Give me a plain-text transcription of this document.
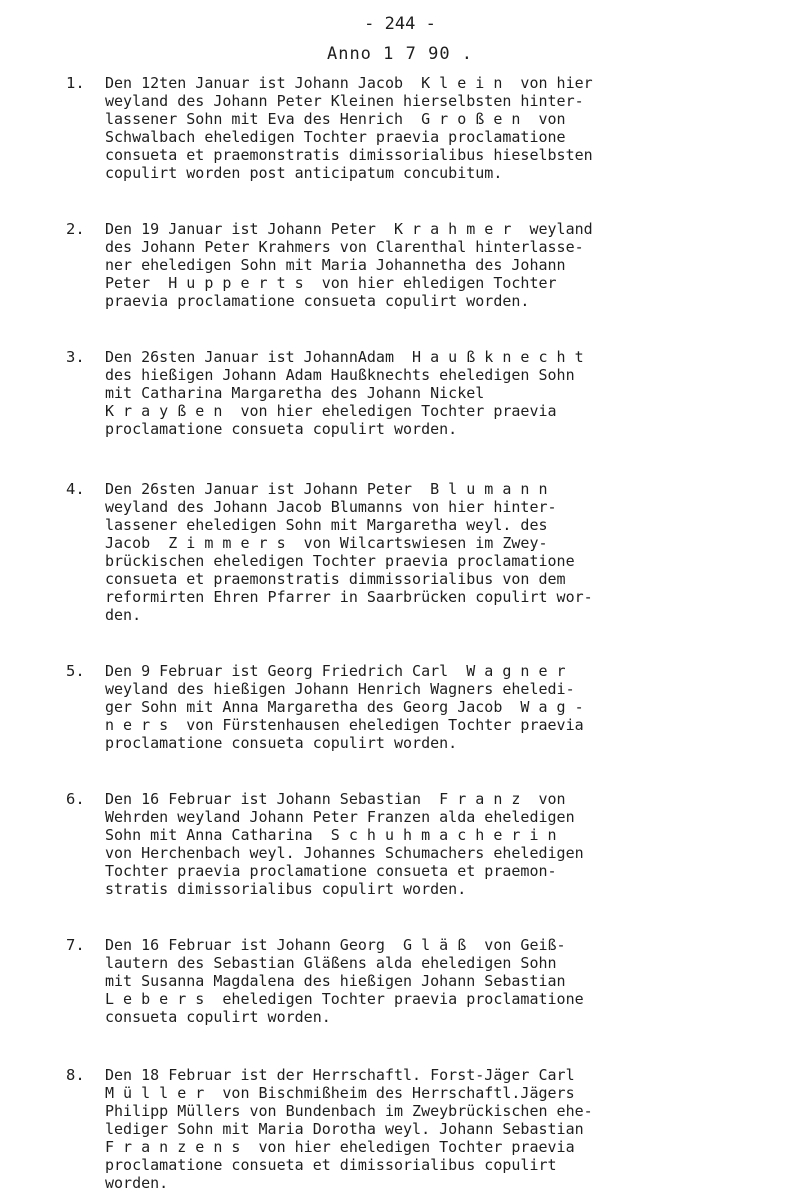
- 244 -
Anno 1 7 90 .
1.	Den 12ten Januar ist Johann Jacob  K l e i n  von hier
weyland des Johann Peter Kleinen hierselbsten hinter-
lassener Sohn mit Eva des Henrich  G r o ß e n  von
Schwalbach eheledigen Tochter praevia proclamatione
consueta et praemonstratis dimissorialibus hieselbsten
copulirt worden post anticipatum concubitum.
2.	Den 19 Januar ist Johann Peter  K r a h m e r  weyland
des Johann Peter Krahmers von Clarenthal hinterlasse-
ner eheledigen Sohn mit Maria Johannetha des Johann
Peter  H u p p e r t s  von hier ehledigen Tochter
praevia proclamatione consueta copulirt worden.
3.	Den 26sten Januar ist JohannAdam  H a u ß k n e c h t
des hießigen Johann Adam Haußknechts eheledigen Sohn
mit Catharina Margaretha des Johann Nickel
K r a y ß e n  von hier eheledigen Tochter praevia
proclamatione consueta copulirt worden.
4.	Den 26sten Januar ist Johann Peter  B l u m a n n
weyland des Johann Jacob Blumanns von hier hinter-
lassener eheledigen Sohn mit Margaretha weyl. des
Jacob  Z i m m e r s  von Wilcartswiesen im Zwey-
brückischen eheledigen Tochter praevia proclamatione
consueta et praemonstratis dimmissorialibus von dem
reformirten Ehren Pfarrer in Saarbrücken copulirt wor-
den.
5.	Den 9 Februar ist Georg Friedrich Carl  W a g n e r
weyland des hießigen Johann Henrich Wagners eheledi-
ger Sohn mit Anna Margaretha des Georg Jacob  W a g -
n e r s  von Fürstenhausen eheledigen Tochter praevia
proclamatione consueta copulirt worden.
6.	Den 16 Februar ist Johann Sebastian  F r a n z  von
Wehrden weyland Johann Peter Franzen alda eheledigen
Sohn mit Anna Catharina  S c h u h m a c h e r i n
von Herchenbach weyl. Johannes Schumachers eheledigen
Tochter praevia proclamatione consueta et praemon-
stratis dimissorialibus copulirt worden.
7.	Den 16 Februar ist Johann Georg  G l ä ß  von Geiß-
lautern des Sebastian Gläßens alda eheledigen Sohn
mit Susanna Magdalena des hießigen Johann Sebastian
L e b e r s  eheledigen Tochter praevia proclamatione
consueta copulirt worden.
8.	Den 18 Februar ist der Herrschaftl. Forst-Jäger Carl
M ü l l e r  von Bischmißheim des Herrschaftl.Jägers
Philipp Müllers von Bundenbach im Zweybrückischen ehe-
lediger Sohn mit Maria Dorotha weyl. Johann Sebastian
F r a n z e n s  von hier eheledigen Tochter praevia
proclamatione consueta et dimissorialibus copulirt
worden.
